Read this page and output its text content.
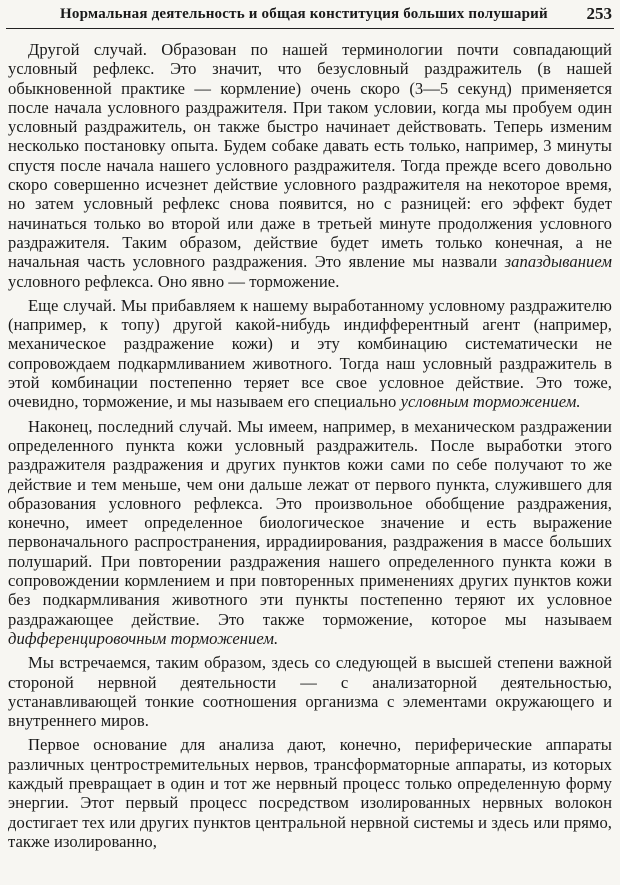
Нормальная деятельность и общая конституция больших полушарий 253

Другой случай. Образован по нашей терминологии почти совпадающий условный рефлекс. Это значит, что безусловный раздражитель (в нашей обыкновенной практике — кормление) очень скоро (3—5 секунд) применяется после начала условного раздражителя. При таком условии, когда мы пробуем один условный раздражитель, он также быстро начинает действовать. Теперь изменим несколько постановку опыта. Будем собаке давать есть только, например, 3 минуты спустя после начала нашего условного раздражителя. Тогда прежде всего довольно скоро совершенно исчезнет действие условного раздражителя на некоторое время, но затем условный рефлекс снова появится, но с разницей: его эффект будет начинаться только во второй или даже в третьей минуте продолжения условного раздражителя. Таким образом, действие будет иметь только конечная, а не начальная часть условного раздражения. Это явление мы назвали запаздыванием условного рефлекса. Оно явно — торможение.

Еще случай. Мы прибавляем к нашему выработанному условному раздражителю (например, к топу) другой какой-нибудь индифферентный агент (например, механическое раздражение кожи) и эту комбинацию систематически не сопровождаем подкармливанием животного. Тогда наш условный раздражитель в этой комбинации постепенно теряет все свое условное действие. Это тоже, очевидно, торможение, и мы называем его специально условным торможением.

Наконец, последний случай. Мы имеем, например, в механическом раздражении определенного пункта кожи условный раздражитель. После выработки этого раздражителя раздражения и других пунктов кожи сами по себе получают то же действие и тем меньше, чем они дальше лежат от первого пункта, служившего для образования условного рефлекса. Это произвольное обобщение раздражения, конечно, имеет определенное биологическое значение и есть выражение первоначального распространения, иррадиирования, раздражения в массе больших полушарий. При повторении раздражения нашего определенного пункта кожи в сопровождении кормлением и при повторенных применениях других пунктов кожи без подкармливания животного эти пункты постепенно теряют их условное раздражающее действие. Это также торможение, которое мы называем дифференцировочным торможением.

Мы встречаемся, таким образом, здесь со следующей в высшей степени важной стороной нервной деятельности — с анализаторной деятельностью, устанавливающей тонкие соотношения организма с элементами окружающего и внутреннего миров.

Первое основание для анализа дают, конечно, периферические аппараты различных центростремительных нервов, трансформаторные аппараты, из которых каждый превращает в один и тот же нервный процесс только определенную форму энергии. Этот первый процесс посредством изолированных нервных волокон достигает тех или других пунктов центральной нервной системы и здесь или прямо, также изолированно,
